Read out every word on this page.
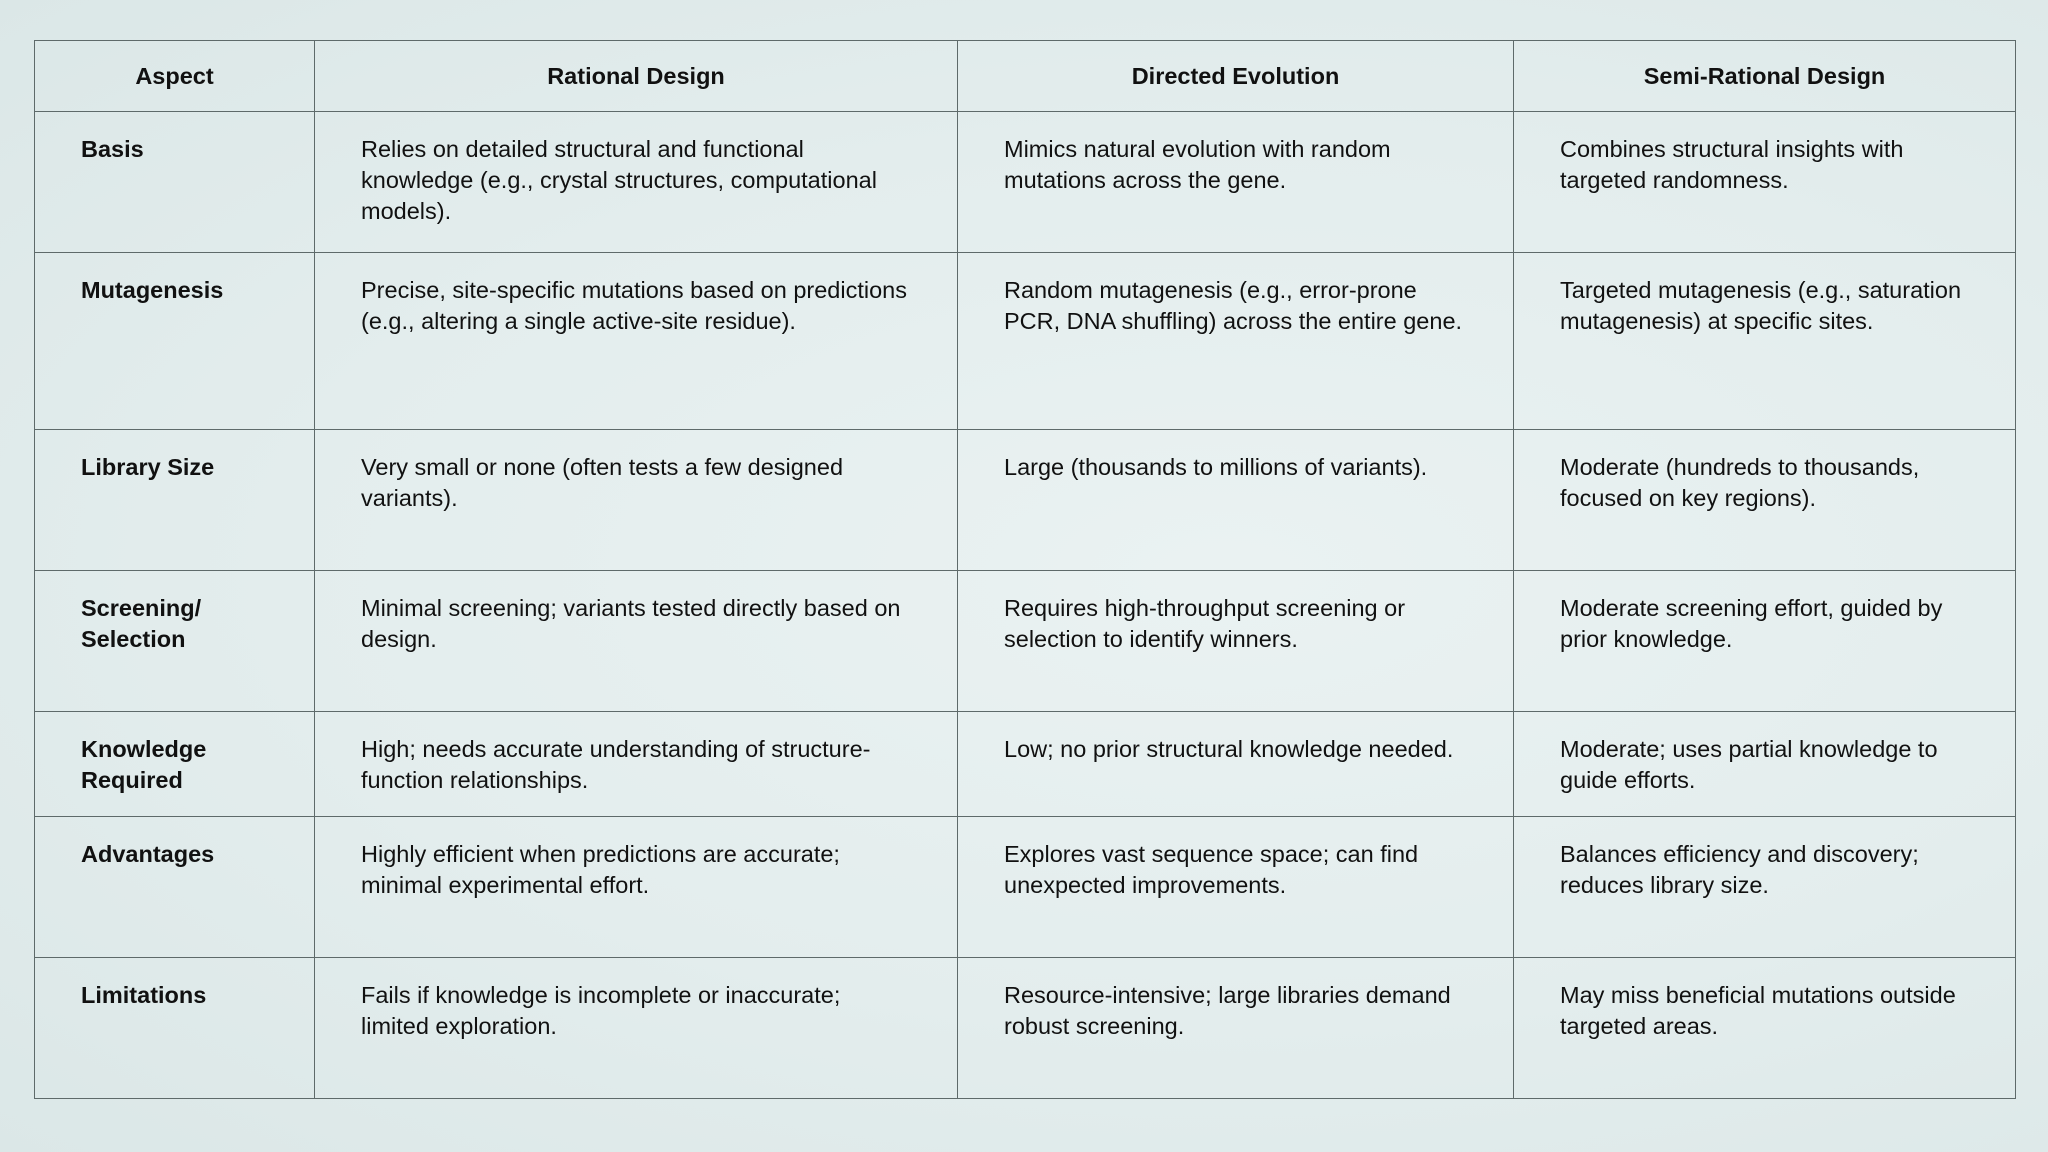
Aspect	Rational Design	Directed Evolution	Semi-Rational Design
Basis	Relies on detailed structural and functional knowledge (e.g., crystal structures, computational models).	Mimics natural evolution with random mutations across the gene.	Combines structural insights with targeted randomness.
Mutagenesis	Precise, site-specific mutations based on predictions (e.g., altering a single active-site residue).	Random mutagenesis (e.g., error-prone PCR, DNA shuffling) across the entire gene.	Targeted mutagenesis (e.g., saturation mutagenesis) at specific sites.
Library Size	Very small or none (often tests a few designed variants).	Large (thousands to millions of variants).	Moderate (hundreds to thousands, focused on key regions).
Screening/ Selection	Minimal screening; variants tested directly based on design.	Requires high-throughput screening or selection to identify winners.	Moderate screening effort, guided by prior knowledge.
Knowledge Required	High; needs accurate understanding of structure-function relationships.	Low; no prior structural knowledge needed.	Moderate; uses partial knowledge to guide efforts.
Advantages	Highly efficient when predictions are accurate; minimal experimental effort.	Explores vast sequence space; can find unexpected improvements.	Balances efficiency and discovery; reduces library size.
Limitations	Fails if knowledge is incomplete or inaccurate; limited exploration.	Resource-intensive; large libraries demand robust screening.	May miss beneficial mutations outside targeted areas.
